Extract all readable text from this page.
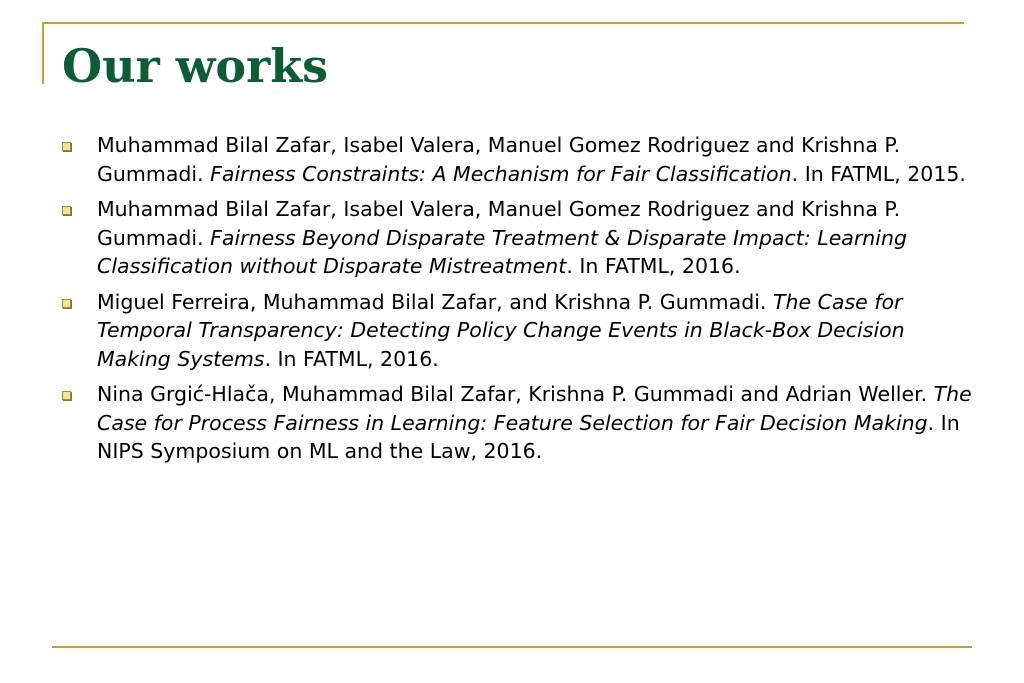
Our works
Muhammad Bilal Zafar, Isabel Valera, Manuel Gomez Rodriguez and Krishna P. Gummadi. Fairness Constraints: A Mechanism for Fair Classification. In FATML, 2015.
Muhammad Bilal Zafar, Isabel Valera, Manuel Gomez Rodriguez and Krishna P. Gummadi. Fairness Beyond Disparate Treatment & Disparate Impact: Learning Classification without Disparate Mistreatment. In FATML, 2016.
Miguel Ferreira, Muhammad Bilal Zafar, and Krishna P. Gummadi. The Case for Temporal Transparency: Detecting Policy Change Events in Black-Box Decision Making Systems. In FATML, 2016.
Nina Grgić-Hlača, Muhammad Bilal Zafar, Krishna P. Gummadi and Adrian Weller. The Case for Process Fairness in Learning: Feature Selection for Fair Decision Making. In NIPS Symposium on ML and the Law, 2016.
